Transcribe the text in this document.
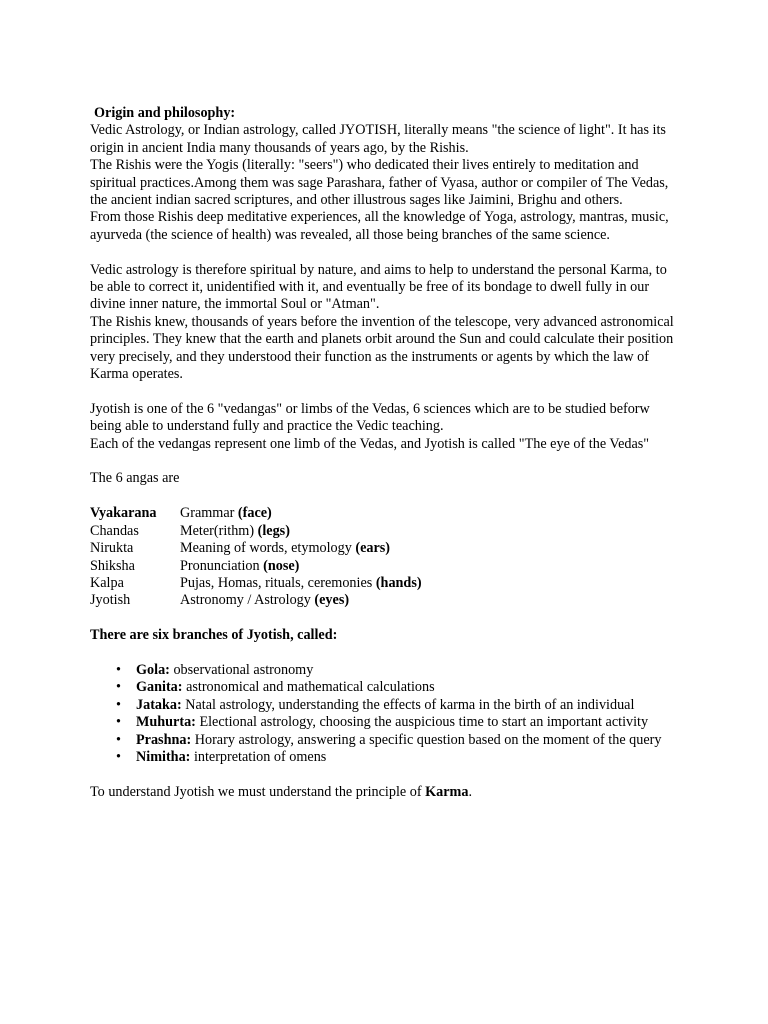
Origin and philosophy:

Vedic Astrology, or Indian astrology, called JYOTISH, literally means "the science of light". It has its origin in ancient India many thousands of years ago, by the Rishis.

The Rishis were the Yogis (literally: "seers") who dedicated their lives entirely to meditation and spiritual practices.Among them was sage Parashara, father of Vyasa, author or compiler of The Vedas, the ancient indian sacred scriptures, and other illustrous sages like Jaimini, Brighu and others.

From those Rishis deep meditative experiences, all the knowledge of Yoga, astrology, mantras, music, ayurveda (the science of health) was revealed, all those being branches of the same science.

Vedic astrology is therefore spiritual by nature, and aims to help to understand the personal Karma, to be able to correct it, unidentified with it, and eventually be free of its bondage to dwell fully in our divine inner nature, the immortal Soul or "Atman".

The Rishis knew, thousands of years before the invention of the telescope, very advanced astronomical principles. They knew that the earth and planets orbit around the Sun and could calculate their position very precisely, and they understood their function as the instruments or agents by which the law of Karma operates.

Jyotish is one of the 6 "vedangas" or limbs of the Vedas, 6 sciences which are to be studied beforw being able to understand fully and practice the Vedic teaching.

Each of the vedangas represent one limb of the Vedas, and Jyotish is called "The eye of the Vedas"

The 6 angas are

Vyakarana	Grammar (face)
Chandas	Meter(rithm) (legs)
Nirukta	Meaning of words, etymology (ears)
Shiksha	Pronunciation (nose)
Kalpa	Pujas, Homas, rituals, ceremonies (hands)
Jyotish	Astronomy / Astrology (eyes)

There are six branches of Jyotish, called:

• Gola: observational astronomy
• Ganita: astronomical and mathematical calculations
• Jataka: Natal astrology, understanding the effects of karma in the birth of an individual
• Muhurta: Electional astrology, choosing the auspicious time to start an important activity
• Prashna: Horary astrology, answering a specific question based on the moment of the query
• Nimitha: interpretation of omens

To understand Jyotish we must understand the principle of Karma.
